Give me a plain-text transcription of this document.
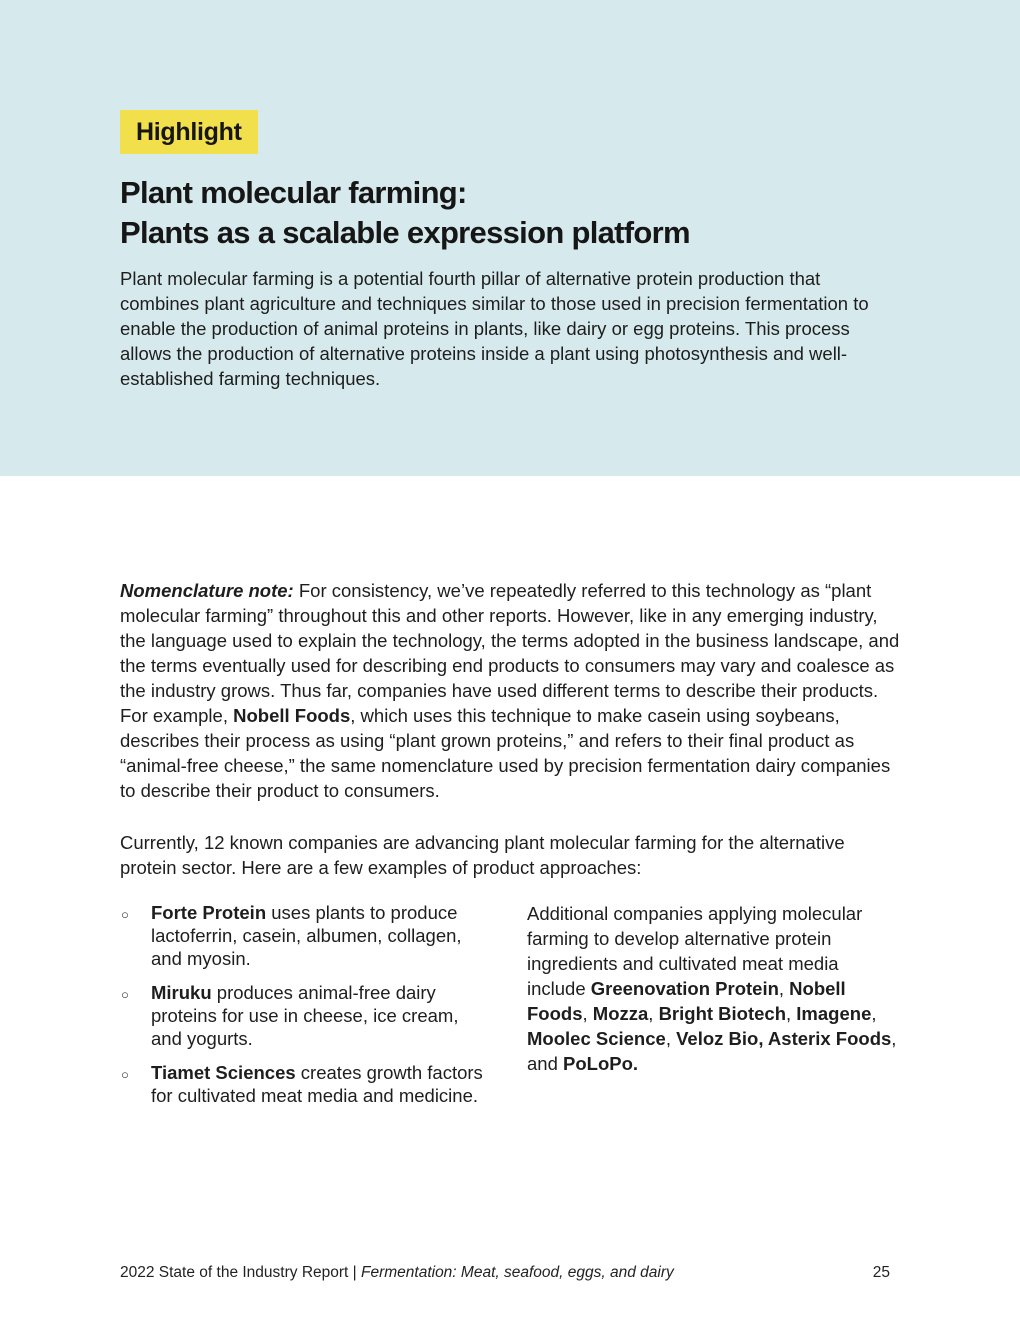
Highlight
Plant molecular farming:
Plants as a scalable expression platform
Plant molecular farming is a potential fourth pillar of alternative protein production that combines plant agriculture and techniques similar to those used in precision fermentation to enable the production of animal proteins in plants, like dairy or egg proteins. This process allows the production of alternative proteins inside a plant using photosynthesis and well-established farming techniques.

Nomenclature note: For consistency, we’ve repeatedly referred to this technology as “plant molecular farming” throughout this and other reports. However, like in any emerging industry, the language used to explain the technology, the terms adopted in the business landscape, and the terms eventually used for describing end products to consumers may vary and coalesce as the industry grows. Thus far, companies have used different terms to describe their products. For example, Nobell Foods, which uses this technique to make casein using soybeans, describes their process as using “plant grown proteins,” and refers to their final product as “animal-free cheese,” the same nomenclature used by precision fermentation dairy companies to describe their product to consumers.

Currently, 12 known companies are advancing plant molecular farming for the alternative protein sector. Here are a few examples of product approaches:

○ Forte Protein uses plants to produce lactoferrin, casein, albumen, collagen, and myosin.
○ Miruku produces animal-free dairy proteins for use in cheese, ice cream, and yogurts.
○ Tiamet Sciences creates growth factors for cultivated meat media and medicine.

Additional companies applying molecular farming to develop alternative protein ingredients and cultivated meat media include Greenovation Protein, Nobell Foods, Mozza, Bright Biotech, Imagene, Moolec Science, Veloz Bio, Asterix Foods, and PoLoPo.

2022 State of the Industry Report | Fermentation: Meat, seafood, eggs, and dairy	25
